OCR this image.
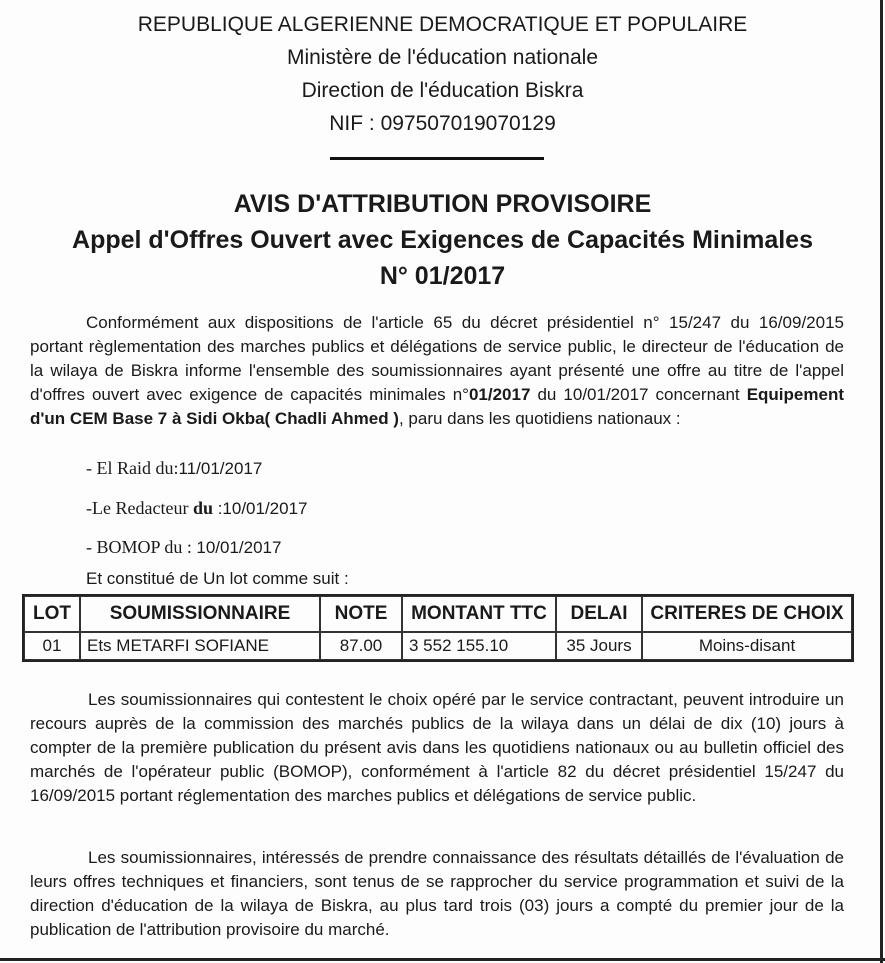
REPUBLIQUE ALGERIENNE DEMOCRATIQUE ET POPULAIRE
Ministère de l'éducation nationale
Direction de l'éducation Biskra
NIF : 097507019070129
AVIS D'ATTRIBUTION PROVISOIRE
Appel d'Offres Ouvert avec Exigences de Capacités Minimales
N° 01/2017
Conformément aux dispositions de l'article 65 du décret présidentiel n° 15/247 du 16/09/2015 portant règlementation des marches publics et délégations de service public, le directeur de l'éducation de la wilaya de Biskra informe l'ensemble des soumissionnaires ayant présenté une offre au titre de l'appel d'offres ouvert avec exigence de capacités minimales n°01/2017 du 10/01/2017 concernant Equipement d'un CEM Base 7 à Sidi Okba( Chadli Ahmed ), paru dans les quotidiens nationaux :
- El Raid du:11/01/2017
-Le Redacteur du :10/01/2017
- BOMOP du : 10/01/2017
Et constitué de Un lot comme suit :
LOT	SOUMISSIONNAIRE	NOTE	MONTANT TTC	DELAI	CRITERES DE CHOIX
01	Ets METARFI SOFIANE	87.00	3 552 155.10	35 Jours	Moins-disant
Les soumissionnaires qui contestent le choix opéré par le service contractant, peuvent introduire un recours auprès de la commission des marchés publics de la wilaya dans un délai de dix (10) jours à compter de la première publication du présent avis dans les quotidiens nationaux ou au bulletin officiel des marchés de l'opérateur public (BOMOP), conformément à l'article 82 du décret présidentiel 15/247 du 16/09/2015 portant réglementation des marches publics et délégations de service public.
Les soumissionnaires, intéressés de prendre connaissance des résultats détaillés de l'évaluation de leurs offres techniques et financiers, sont tenus de se rapprocher du service programmation et suivi de la direction d'éducation de la wilaya de Biskra, au plus tard trois (03) jours a compté du premier jour de la publication de l'attribution provisoire du marché.
